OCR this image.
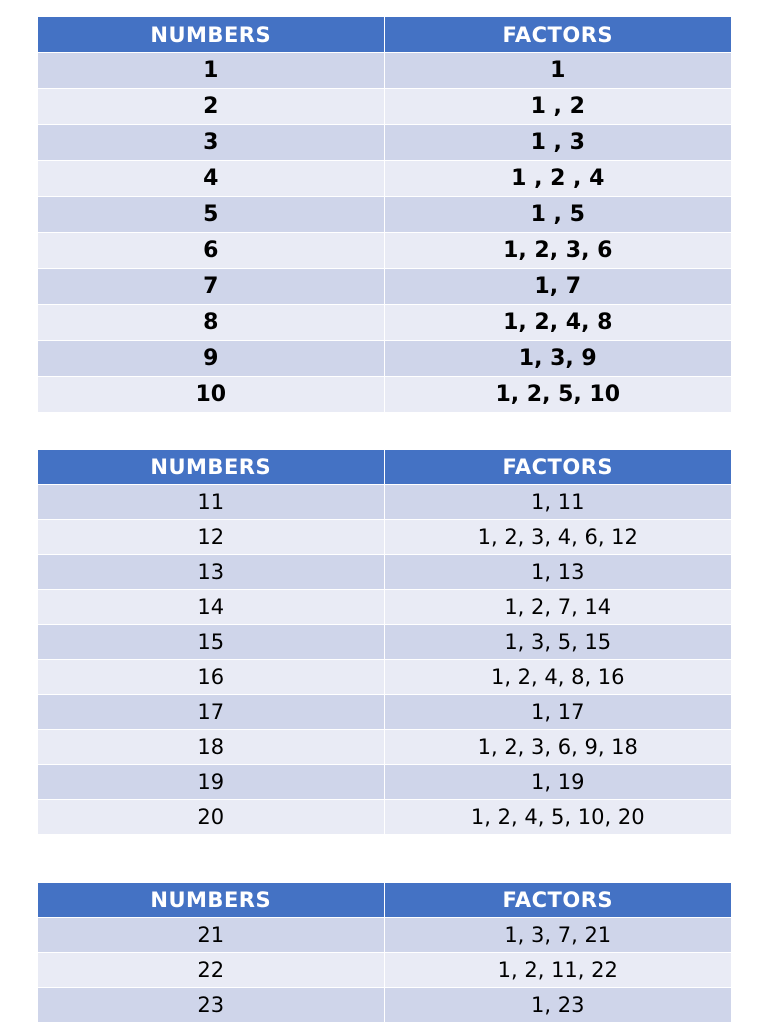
NUMBERS	FACTORS
1	1
2	1 , 2
3	1 , 3
4	1 , 2 , 4
5	1 , 5
6	1, 2, 3, 6
7	1, 7
8	1, 2, 4, 8
9	1, 3, 9
10	1, 2, 5, 10
NUMBERS	FACTORS
11	1, 11
12	1, 2, 3, 4, 6, 12
13	1, 13
14	1, 2, 7, 14
15	1, 3, 5, 15
16	1, 2, 4, 8, 16
17	1, 17
18	1, 2, 3, 6, 9, 18
19	1, 19
20	1, 2, 4, 5, 10, 20
NUMBERS	FACTORS
21	1, 3, 7, 21
22	1, 2, 11, 22
23	1, 23
